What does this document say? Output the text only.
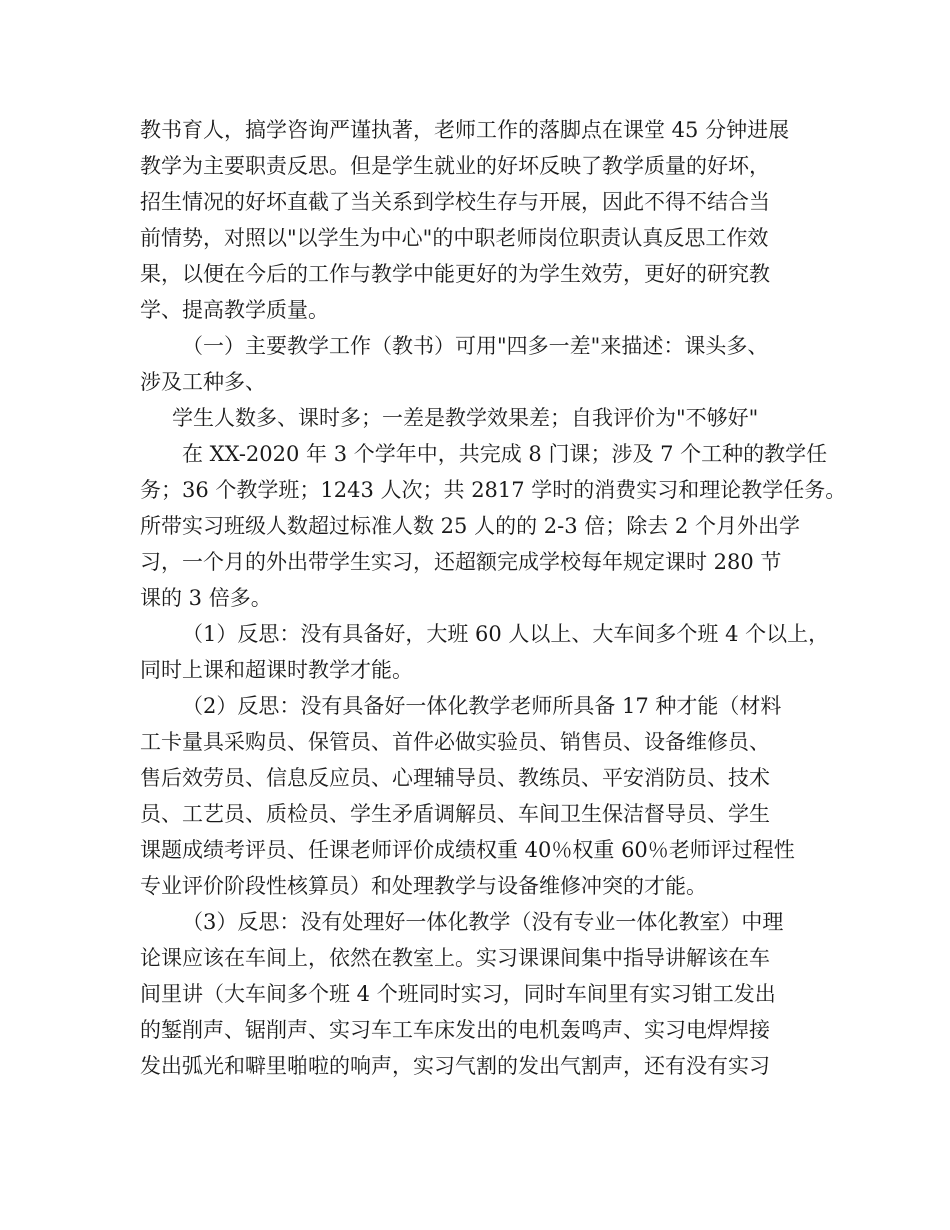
教书育人，搞学咨询严谨执著，老师工作的落脚点在课堂 45 分钟进展

教学为主要职责反思。但是学生就业的好坏反映了教学质量的好坏，

招生情况的好坏直截了当关系到学校生存与开展，因此不得不结合当

前情势，对照以"以学生为中心"的中职老师岗位职责认真反思工作效

果，以便在今后的工作与教学中能更好的为学生效劳，更好的研究教

学、提高教学质量。

（一）主要教学工作（教书）可用"四多一差"来描述：课头多、

涉及工种多、

学生人数多、课时多；一差是教学效果差；自我评价为"不够好"

在 XX-2020 年 3 个学年中，共完成 8 门课；涉及 7 个工种的教学任

务；36 个教学班；1243 人次；共 2817 学时的消费实习和理论教学任务。

所带实习班级人数超过标准人数 25 人的的 2-3 倍；除去 2 个月外出学

习，一个月的外出带学生实习，还超额完成学校每年规定课时 280 节

课的 3 倍多。

（1）反思：没有具备好，大班 60 人以上、大车间多个班 4 个以上，

同时上课和超课时教学才能。

（2）反思：没有具备好一体化教学老师所具备 17 种才能（材料

工卡量具采购员、保管员、首件必做实验员、销售员、设备维修员、

售后效劳员、信息反应员、心理辅导员、教练员、平安消防员、技术

员、工艺员、质检员、学生矛盾调解员、车间卫生保洁督导员、学生

课题成绩考评员、任课老师评价成绩权重 40％权重 60％老师评过程性

专业评价阶段性核算员）和处理教学与设备维修冲突的才能。

（3）反思：没有处理好一体化教学（没有专业一体化教室）中理

论课应该在车间上，依然在教室上。实习课课间集中指导讲解该在车

间里讲（大车间多个班 4 个班同时实习，同时车间里有实习钳工发出

的錾削声、锯削声、实习车工车床发出的电机轰鸣声、实习电焊焊接

发出弧光和噼里啪啦的响声，实习气割的发出气割声，还有没有实习
